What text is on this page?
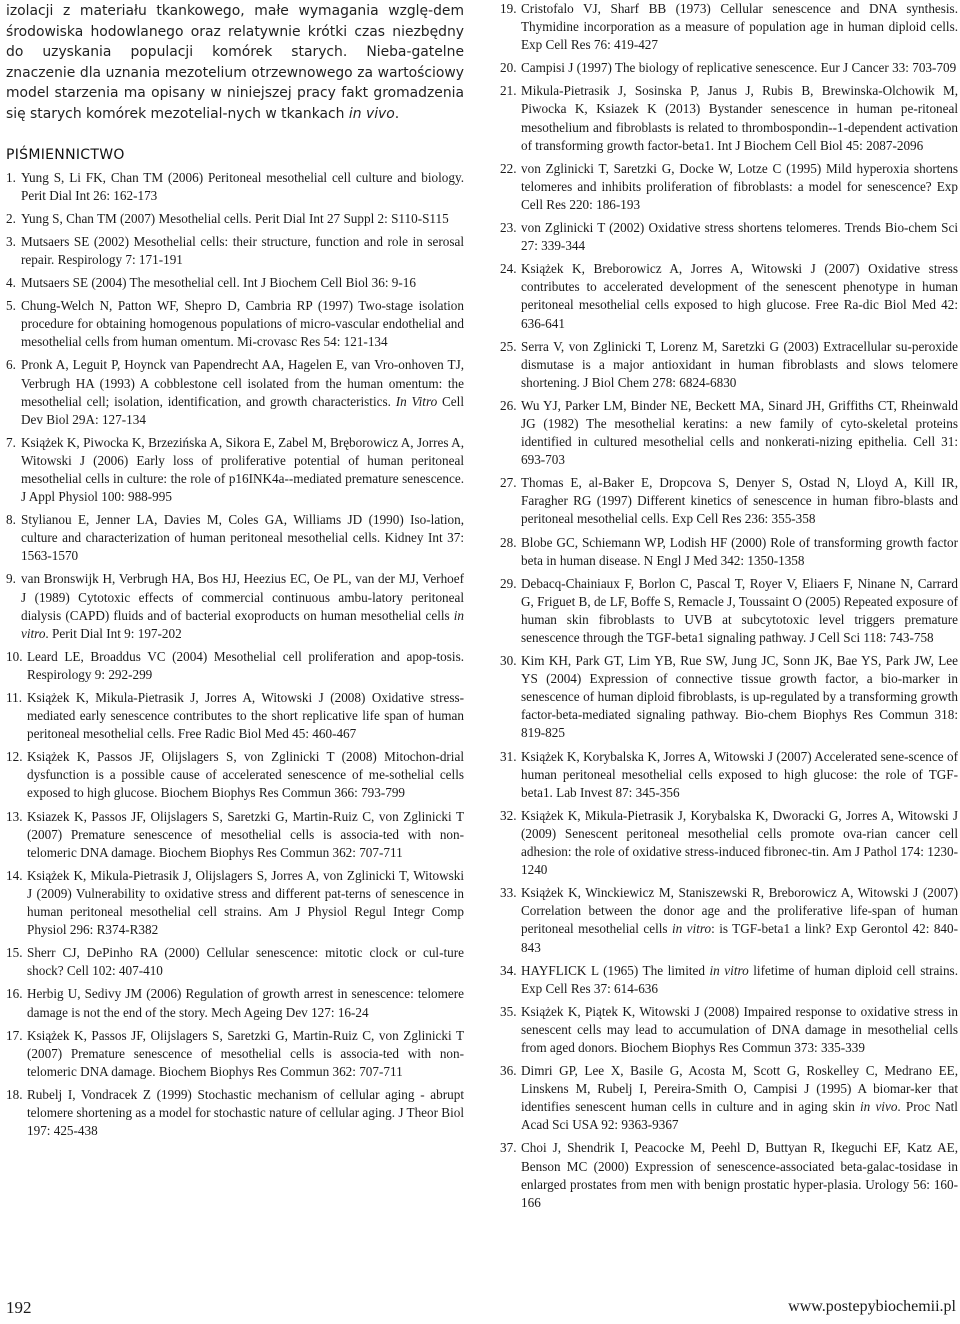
izolacji z materiału tkankowego, małe wymagania wzglę-dem środowiska hodowlanego oraz relatywnie krótki czas niezbędny do uzyskania populacji komórek starych. Nieba-gatelne znaczenie dla uznania mezotelium otrzewnowego za wartościowy model starzenia ma opisany w niniejszej pracy fakt gromadzenia się starych komórek mezotelial-nych w tkankach in vivo.

PIŚMIENNICTWO
1. Yung S, Li FK, Chan TM (2006) Peritoneal mesothelial cell culture and biology. Perit Dial Int 26: 162-173
2. Yung S, Chan TM (2007) Mesothelial cells. Perit Dial Int 27 Suppl 2: S110-S115
3. Mutsaers SE (2002) Mesothelial cells: their structure, function and role in serosal repair. Respirology 7: 171-191
4. Mutsaers SE (2004) The mesothelial cell. Int J Biochem Cell Biol 36: 9-16
5. Chung-Welch N, Patton WF, Shepro D, Cambria RP (1997) Two-stage isolation procedure for obtaining homogenous populations of micro-vascular endothelial and mesothelial cells from human omentum. Mi-crovasc Res 54: 121-134
6. Pronk A, Leguit P, Hoynck van Papendrecht AA, Hagelen E, van Vro-onhoven TJ, Verbrugh HA (1993) A cobblestone cell isolated from the human omentum: the mesothelial cell; isolation, identification, and growth characteristics. In Vitro Cell Dev Biol 29A: 127-134
7. Książek K, Piwocka K, Brzezińska A, Sikora E, Zabel M, Bręborowicz A, Jorres A, Witowski J (2006) Early loss of proliferative potential of human peritoneal mesothelial cells in culture: the role of p16INK4a--mediated premature senescence. J Appl Physiol 100: 988-995
8. Stylianou E, Jenner LA, Davies M, Coles GA, Williams JD (1990) Iso-lation, culture and characterization of human peritoneal mesothelial cells. Kidney Int 37: 1563-1570
9. van Bronswijk H, Verbrugh HA, Bos HJ, Heezius EC, Oe PL, van der MJ, Verhoef J (1989) Cytotoxic effects of commercial continuous ambu-latory peritoneal dialysis (CAPD) fluids and of bacterial exoproducts on human mesothelial cells in vitro. Perit Dial Int 9: 197-202
10. Leard LE, Broaddus VC (2004) Mesothelial cell proliferation and apop-tosis. Respirology 9: 292-299
11. Książek K, Mikula-Pietrasik J, Jorres A, Witowski J (2008) Oxidative stress-mediated early senescence contributes to the short replicative life span of human peritoneal mesothelial cells. Free Radic Biol Med 45: 460-467
12. Książek K, Passos JF, Olijslagers S, von Zglinicki T (2008) Mitochon-drial dysfunction is a possible cause of accelerated senescence of me-sothelial cells exposed to high glucose. Biochem Biophys Res Commun 366: 793-799
13. Ksiazek K, Passos JF, Olijslagers S, Saretzki G, Martin-Ruiz C, von Zglinicki T (2007) Premature senescence of mesothelial cells is associa-ted with non-telomeric DNA damage. Biochem Biophys Res Commun 362: 707-711
14. Książek K, Mikula-Pietrasik J, Olijslagers S, Jorres A, von Zglinicki T, Witowski J (2009) Vulnerability to oxidative stress and different pat-terns of senescence in human peritoneal mesothelial cell strains. Am J Physiol Regul Integr Comp Physiol 296: R374-R382
15. Sherr CJ, DePinho RA (2000) Cellular senescence: mitotic clock or cul-ture shock? Cell 102: 407-410
16. Herbig U, Sedivy JM (2006) Regulation of growth arrest in senescence: telomere damage is not the end of the story. Mech Ageing Dev 127: 16-24
17. Książek K, Passos JF, Olijslagers S, Saretzki G, Martin-Ruiz C, von Zglinicki T (2007) Premature senescence of mesothelial cells is associa-ted with non-telomeric DNA damage. Biochem Biophys Res Commun 362: 707-711
18. Rubelj I, Vondracek Z (1999) Stochastic mechanism of cellular aging - abrupt telomere shortening as a model for stochastic nature of cellular aging. J Theor Biol 197: 425-438
19. Cristofalo VJ, Sharf BB (1973) Cellular senescence and DNA synthesis. Thymidine incorporation as a measure of population age in human diploid cells. Exp Cell Res 76: 419-427
20. Campisi J (1997) The biology of replicative senescence. Eur J Cancer 33: 703-709
21. Mikula-Pietrasik J, Sosinska P, Janus J, Rubis B, Brewinska-Olchowik M, Piwocka K, Ksiazek K (2013) Bystander senescence in human pe-ritoneal mesothelium and fibroblasts is related to thrombospondin--1-dependent activation of transforming growth factor-beta1. Int J Biochem Cell Biol 45: 2087-2096
22. von Zglinicki T, Saretzki G, Docke W, Lotze C (1995) Mild hyperoxia shortens telomeres and inhibits proliferation of fibroblasts: a model for senescence? Exp Cell Res 220: 186-193
23. von Zglinicki T (2002) Oxidative stress shortens telomeres. Trends Bio-chem Sci 27: 339-344
24. Książek K, Breborowicz A, Jorres A, Witowski J (2007) Oxidative stress contributes to accelerated development of the senescent phenotype in human peritoneal mesothelial cells exposed to high glucose. Free Ra-dic Biol Med 42: 636-641
25. Serra V, von Zglinicki T, Lorenz M, Saretzki G (2003) Extracellular su-peroxide dismutase is a major antioxidant in human fibroblasts and slows telomere shortening. J Biol Chem 278: 6824-6830
26. Wu YJ, Parker LM, Binder NE, Beckett MA, Sinard JH, Griffiths CT, Rheinwald JG (1982) The mesothelial keratins: a new family of cyto-skeletal proteins identified in cultured mesothelial cells and nonkerati-nizing epithelia. Cell 31: 693-703
27. Thomas E, al-Baker E, Dropcova S, Denyer S, Ostad N, Lloyd A, Kill IR, Faragher RG (1997) Different kinetics of senescence in human fibro-blasts and peritoneal mesothelial cells. Exp Cell Res 236: 355-358
28. Blobe GC, Schiemann WP, Lodish HF (2000) Role of transforming growth factor beta in human disease. N Engl J Med 342: 1350-1358
29. Debacq-Chainiaux F, Borlon C, Pascal T, Royer V, Eliaers F, Ninane N, Carrard G, Friguet B, de LF, Boffe S, Remacle J, Toussaint O (2005) Repeated exposure of human skin fibroblasts to UVB at subcytotoxic level triggers premature senescence through the TGF-beta1 signaling pathway. J Cell Sci 118: 743-758
30. Kim KH, Park GT, Lim YB, Rue SW, Jung JC, Sonn JK, Bae YS, Park JW, Lee YS (2004) Expression of connective tissue growth factor, a bio-marker in senescence of human diploid fibroblasts, is up-regulated by a transforming growth factor-beta-mediated signaling pathway. Bio-chem Biophys Res Commun 318: 819-825
31. Książek K, Korybalska K, Jorres A, Witowski J (2007) Accelerated sene-scence of human peritoneal mesothelial cells exposed to high glucose: the role of TGF-beta1. Lab Invest 87: 345-356
32. Książek K, Mikula-Pietrasik J, Korybalska K, Dworacki G, Jorres A, Witowski J (2009) Senescent peritoneal mesothelial cells promote ova-rian cancer cell adhesion: the role of oxidative stress-induced fibronec-tin. Am J Pathol 174: 1230-1240
33. Książek K, Winckiewicz M, Staniszewski R, Breborowicz A, Witowski J (2007) Correlation between the donor age and the proliferative life-span of human peritoneal mesothelial cells in vitro: is TGF-beta1 a link? Exp Gerontol 42: 840-843
34. HAYFLICK L (1965) The limited in vitro lifetime of human diploid cell strains. Exp Cell Res 37: 614-636
35. Książek K, Piątek K, Witowski J (2008) Impaired response to oxidative stress in senescent cells may lead to accumulation of DNA damage in mesothelial cells from aged donors. Biochem Biophys Res Commun 373: 335-339
36. Dimri GP, Lee X, Basile G, Acosta M, Scott G, Roskelley C, Medrano EE, Linskens M, Rubelj I, Pereira-Smith O, Campisi J (1995) A biomar-ker that identifies senescent human cells in culture and in aging skin in vivo. Proc Natl Acad Sci USA 92: 9363-9367
37. Choi J, Shendrik I, Peacocke M, Peehl D, Buttyan R, Ikeguchi EF, Katz AE, Benson MC (2000) Expression of senescence-associated beta-galac-tosidase in enlarged prostates from men with benign prostatic hyper-plasia. Urology 56: 160-166
192	www.postepybiochemii.pl
